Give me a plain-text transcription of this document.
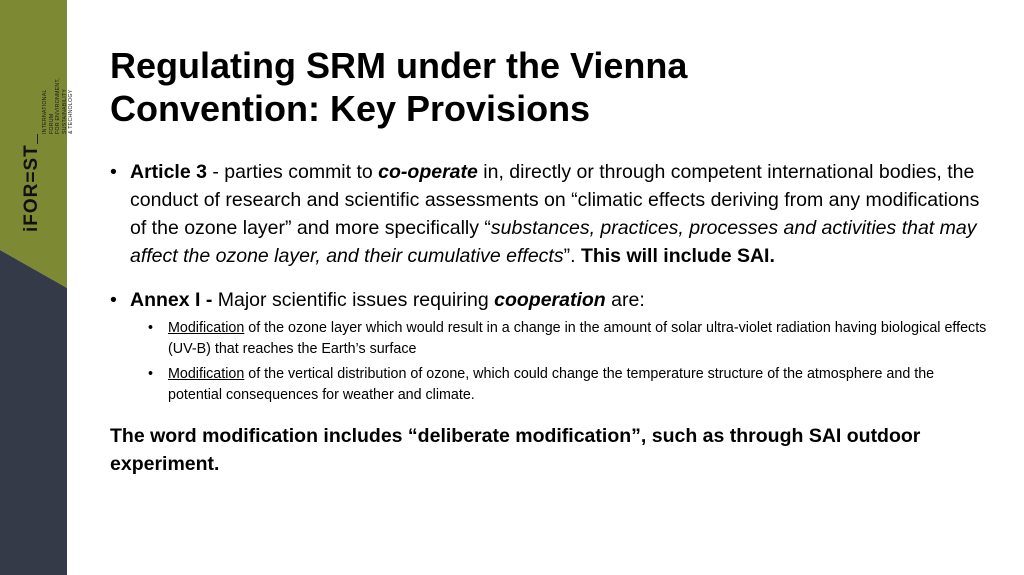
iFOR=ST
INTERNATIONAL FORUM FOR ENVIRONMENT, SUSTAINABILITY & TECHNOLOGY
Regulating SRM under the Vienna
Convention: Key Provisions
• Article 3 - parties commit to co-operate in, directly or through competent international bodies, the conduct of research and scientific assessments on “climatic effects deriving from any modifications of the ozone layer” and more specifically “substances, practices, processes and activities that may affect the ozone layer, and their cumulative effects”. This will include SAI.
• Annex I - Major scientific issues requiring cooperation are:
• Modification of the ozone layer which would result in a change in the amount of solar ultra-violet radiation having biological effects (UV-B) that reaches the Earth’s surface
• Modification of the vertical distribution of ozone, which could change the temperature structure of the atmosphere and the potential consequences for weather and climate.
The word modification includes “deliberate modification”, such as through SAI outdoor experiment.
